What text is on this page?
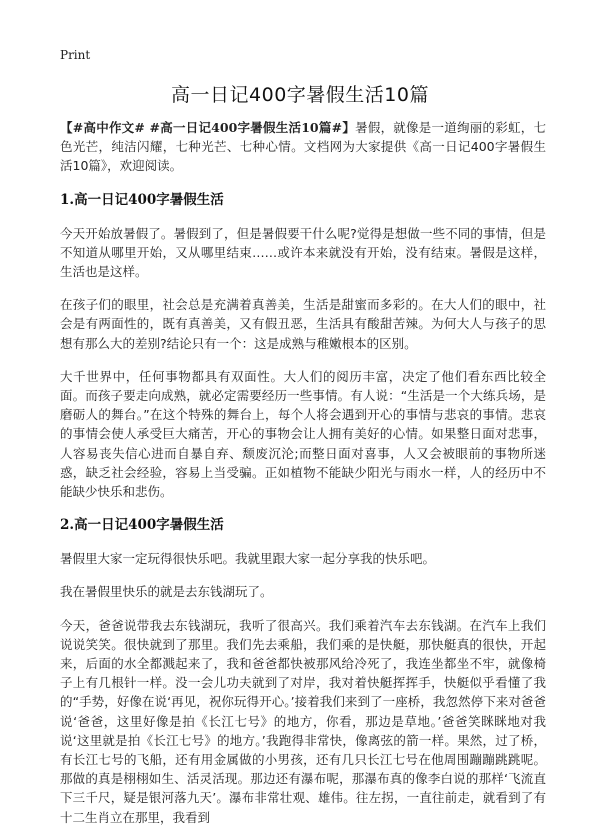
Print
高一日记400字暑假生活10篇

【#高中作文# #高一日记400字暑假生活10篇#】暑假，就像是一道绚丽的彩虹，七色光芒，纯洁闪耀，七种光芒、七种心情。文档网为大家提供《高一日记400字暑假生活10篇》，欢迎阅读。

1.高一日记400字暑假生活

今天开始放暑假了。暑假到了，但是暑假要干什么呢?觉得是想做一些不同的事情，但是不知道从哪里开始，又从哪里结束……或许本来就没有开始，没有结束。暑假是这样，生活也是这样。

在孩子们的眼里，社会总是充满着真善美，生活是甜蜜而多彩的。在大人们的眼中，社会是有两面性的，既有真善美，又有假丑恶，生活具有酸甜苦辣。为何大人与孩子的思想有那么大的差别?结论只有一个：这是成熟与稚嫩根本的区别。

大千世界中，任何事物都具有双面性。大人们的阅历丰富，决定了他们看东西比较全面。而孩子要走向成熟，就必定需要经历一些事情。有人说：“生活是一个大练兵场，是磨砺人的舞台。”在这个特殊的舞台上，每个人将会遇到开心的事情与悲哀的事情。悲哀的事情会使人承受巨大痛苦，开心的事物会让人拥有美好的心情。如果整日面对悲事，人容易丧失信心进而自暴自弃、颓废沉沦;而整日面对喜事，人又会被眼前的事物所迷惑，缺乏社会经验，容易上当受骗。正如植物不能缺少阳光与雨水一样，人的经历中不能缺少快乐和悲伤。

2.高一日记400字暑假生活

暑假里大家一定玩得很快乐吧。我就里跟大家一起分享我的快乐吧。

我在暑假里快乐的就是去东钱湖玩了。

今天，爸爸说带我去东钱湖玩，我听了很高兴。我们乘着汽车去东钱湖。在汽车上我们说说笑笑。很快就到了那里。我们先去乘船，我们乘的是快艇，那快艇真的很快，开起来，后面的水全都溅起来了，我和爸爸都快被那风给冷死了，我连坐都坐不牢，就像椅子上有几根针一样。没一会儿功夫就到了对岸，我对着快艇挥挥手，快艇似乎看懂了我的“手势，好像在说‘再见，祝你玩得开心。’接着我们来到了一座桥，我忽然停下来对爸爸说‘爸爸，这里好像是拍《长江七号》的地方，你看，那边是草地。’爸爸笑眯眯地对我说‘这里就是拍《长江七号》的地方。’我跑得非常快，像离弦的箭一样。果然，过了桥，有长江七号的飞船，还有用金属做的小男孩，还有几只长江七号在他周围蹦蹦跳跳呢。那做的真是栩栩如生、活灵活现。那边还有瀑布呢，那瀑布真的像李白说的那样‘飞流直下三千尺，疑是银河落九天’。瀑布非常壮观、雄伟。往左拐，一直往前走，就看到了有十二生肖立在那里，我看到
